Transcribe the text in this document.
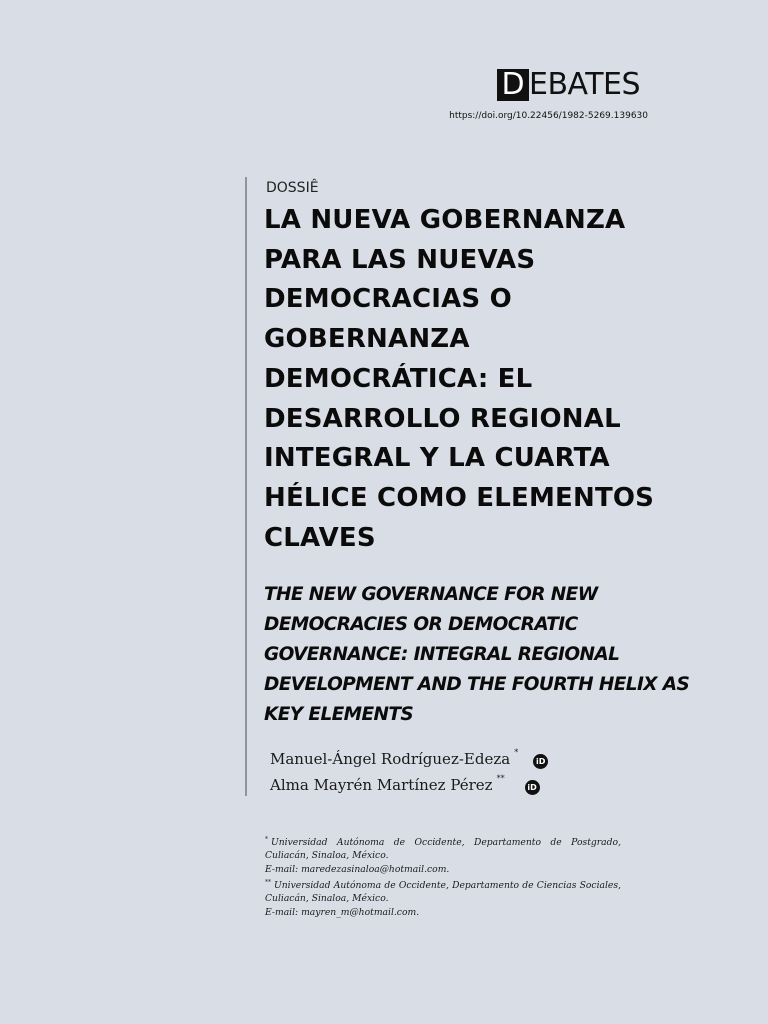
D EBATES
https://doi.org/10.22456/1982-5269.139630
DOSSIÊ
LA NUEVA GOBERNANZA PARA LAS NUEVAS DEMOCRACIAS O GOBERNANZA DEMOCRÁTICA: EL DESARROLLO REGIONAL INTEGRAL Y LA CUARTA HÉLICE COMO ELEMENTOS CLAVES
THE NEW GOVERNANCE FOR NEW DEMOCRACIES OR DEMOCRATIC GOVERNANCE: INTEGRAL REGIONAL DEVELOPMENT AND THE FOURTH HELIX AS KEY ELEMENTS
Manuel-Ángel Rodríguez-Edeza *
iD
Alma Mayrén Martínez Pérez **
iD

* Universidad Autónoma de Occidente, Departamento de Postgrado, Culiacán, Sinaloa, México.

E-mail: maredezasinaloa@hotmail.com.

** Universidad Autónoma de Occidente, Departamento de Ciencias Sociales, Culiacán, Sinaloa, México.

E-mail: mayren_m@hotmail.com.
